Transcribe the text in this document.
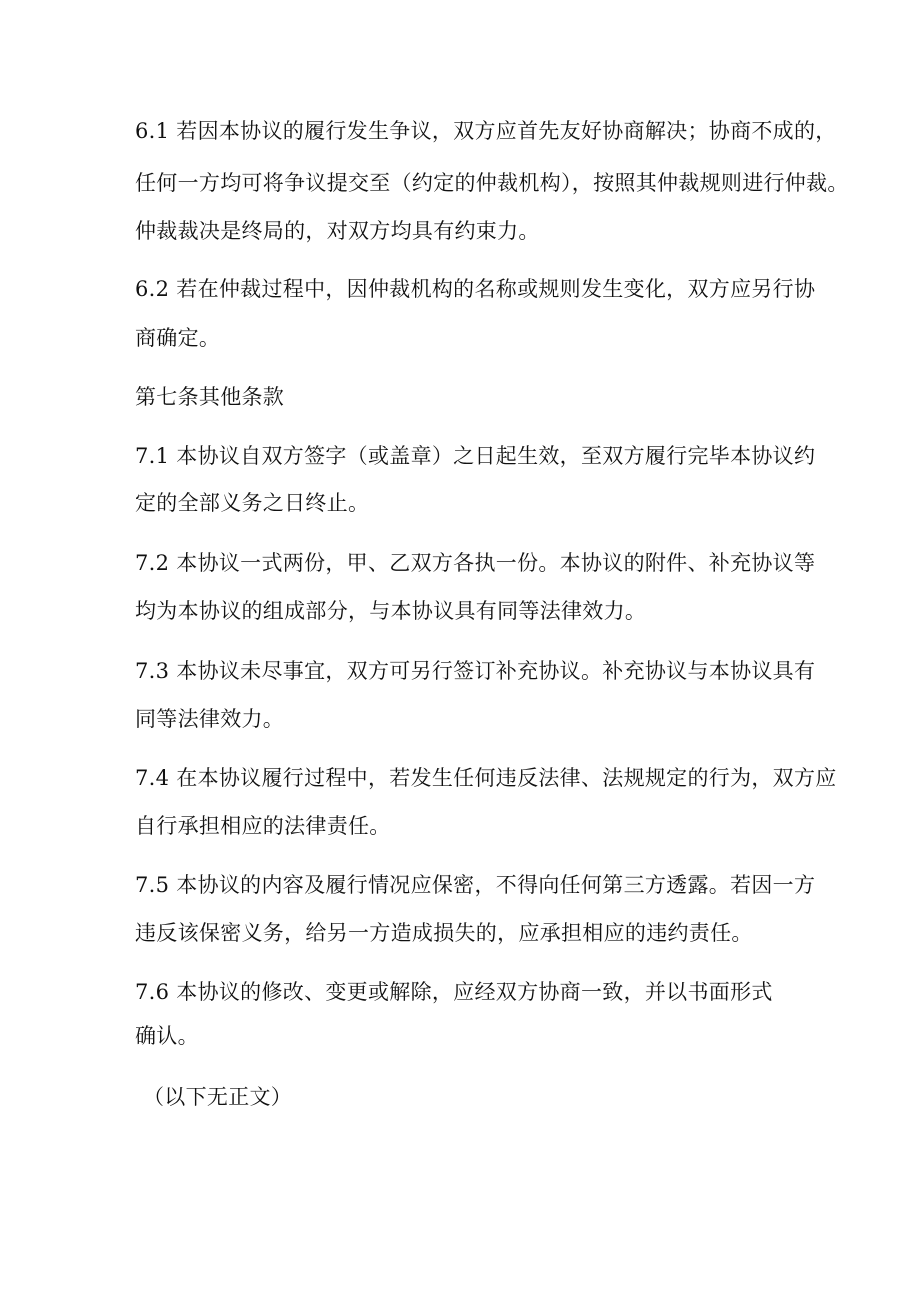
6.1 若因本协议的履行发生争议，双方应首先友好协商解决；协商不成的，
任何一方均可将争议提交至（约定的仲裁机构），按照其仲裁规则进行仲裁。
仲裁裁决是终局的，对双方均具有约束力。
6.2 若在仲裁过程中，因仲裁机构的名称或规则发生变化，双方应另行协
商确定。
第七条其他条款
7.1 本协议自双方签字（或盖章）之日起生效，至双方履行完毕本协议约
定的全部义务之日终止。
7.2 本协议一式两份，甲、乙双方各执一份。本协议的附件、补充协议等
均为本协议的组成部分，与本协议具有同等法律效力。
7.3 本协议未尽事宜，双方可另行签订补充协议。补充协议与本协议具有
同等法律效力。
7.4 在本协议履行过程中，若发生任何违反法律、法规规定的行为，双方应
自行承担相应的法律责任。
7.5 本协议的内容及履行情况应保密，不得向任何第三方透露。若因一方
违反该保密义务，给另一方造成损失的，应承担相应的违约责任。
7.6 本协议的修改、变更或解除，应经双方协商一致，并以书面形式
确认。
（以下无正文）
